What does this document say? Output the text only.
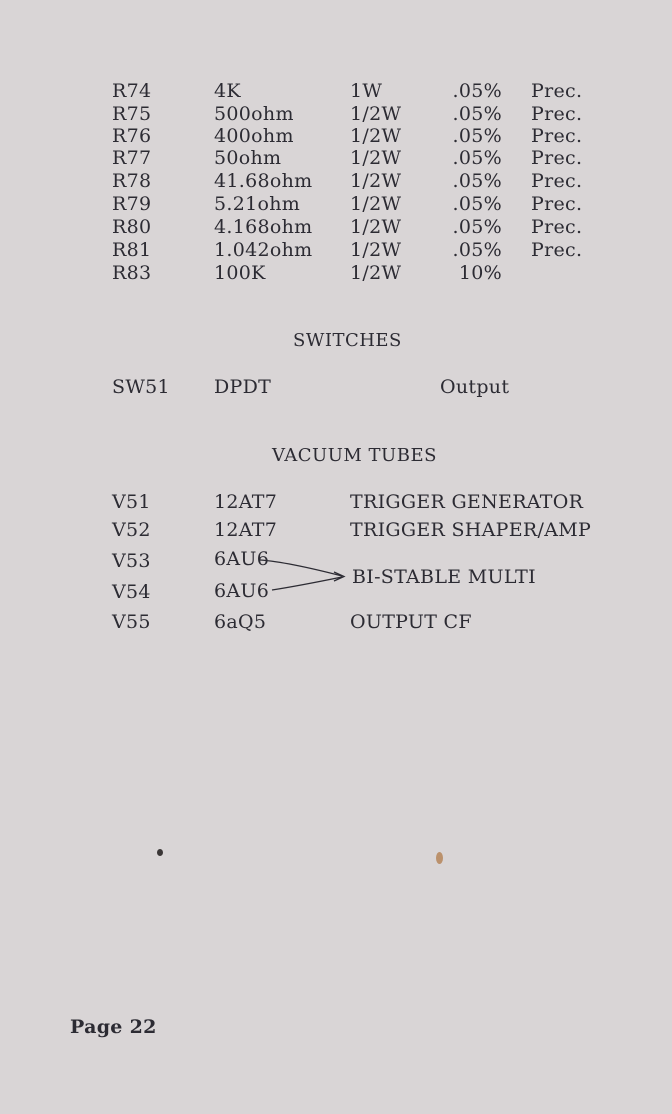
R74	4K	1W	.05% Prec.
R75	500ohm	1/2W	.05% Prec.
R76	400ohm	1/2W	.05% Prec.
R77	50ohm	1/2W	.05% Prec.
R78	41.68ohm 1/2W	.05% Prec.
R79	5.21ohm	1/2W	.05% Prec.
R80	4.168ohm 1/2W	.05% Prec.
R81	1.042ohm 1/2W	.05% Prec.
R83	100K	1/2W	10%
SWITCHES
SW51 DPDT	Output
VACUUM TUBES
V51	12AT7	TRIGGER GENERATOR
V52	12AT7	TRIGGER SHAPER/AMP
V53	6AU6
V54	6AU6
BI-STABLE MULTI
V55	6aQ5	OUTPUT CF
Page 22
